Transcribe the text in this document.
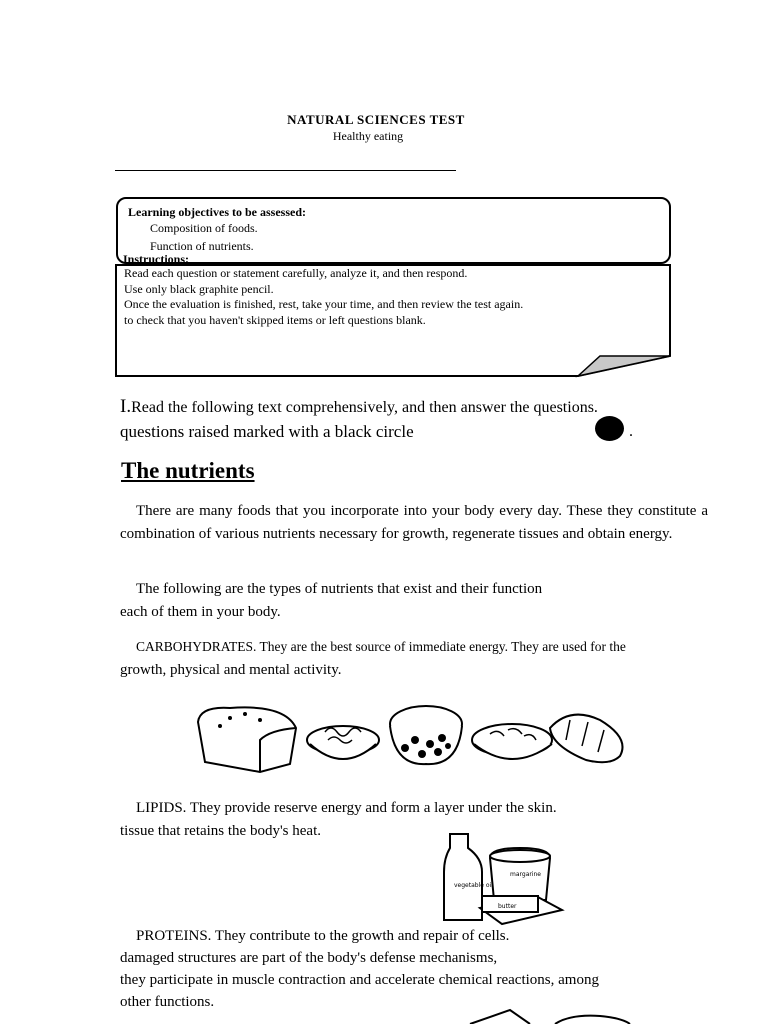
NATURAL SCIENCES TEST
Healthy eating
Learning objectives to be assessed:
Composition of foods.
Function of nutrients.
Instructions:
Read each question or statement carefully, analyze it, and then respond.
Use only black graphite pencil.
Once the evaluation is finished, rest, take your time, and then review the test again.
to check that you haven't skipped items or left questions blank.
I.Read the following text comprehensively, and then answer the questions.
questions raised marked with a black circle	.
The nutrients
There are many foods that you incorporate into your body every day. These they constitute a combination of various nutrients necessary for growth, regenerate tissues and obtain energy.
The following are the types of nutrients that exist and their function
each of them in your body.
CARBOHYDRATES. They are the best source of immediate energy. They are used for the
growth, physical and mental activity.
LIPIDS. They provide reserve energy and form a layer under the skin.
tissue that retains the body's heat.
vegetable oil
margarine
butter
PROTEINS. They contribute to the growth and repair of cells.
damaged structures are part of the body's defense mechanisms,
they participate in muscle contraction and accelerate chemical reactions, among
other functions.
